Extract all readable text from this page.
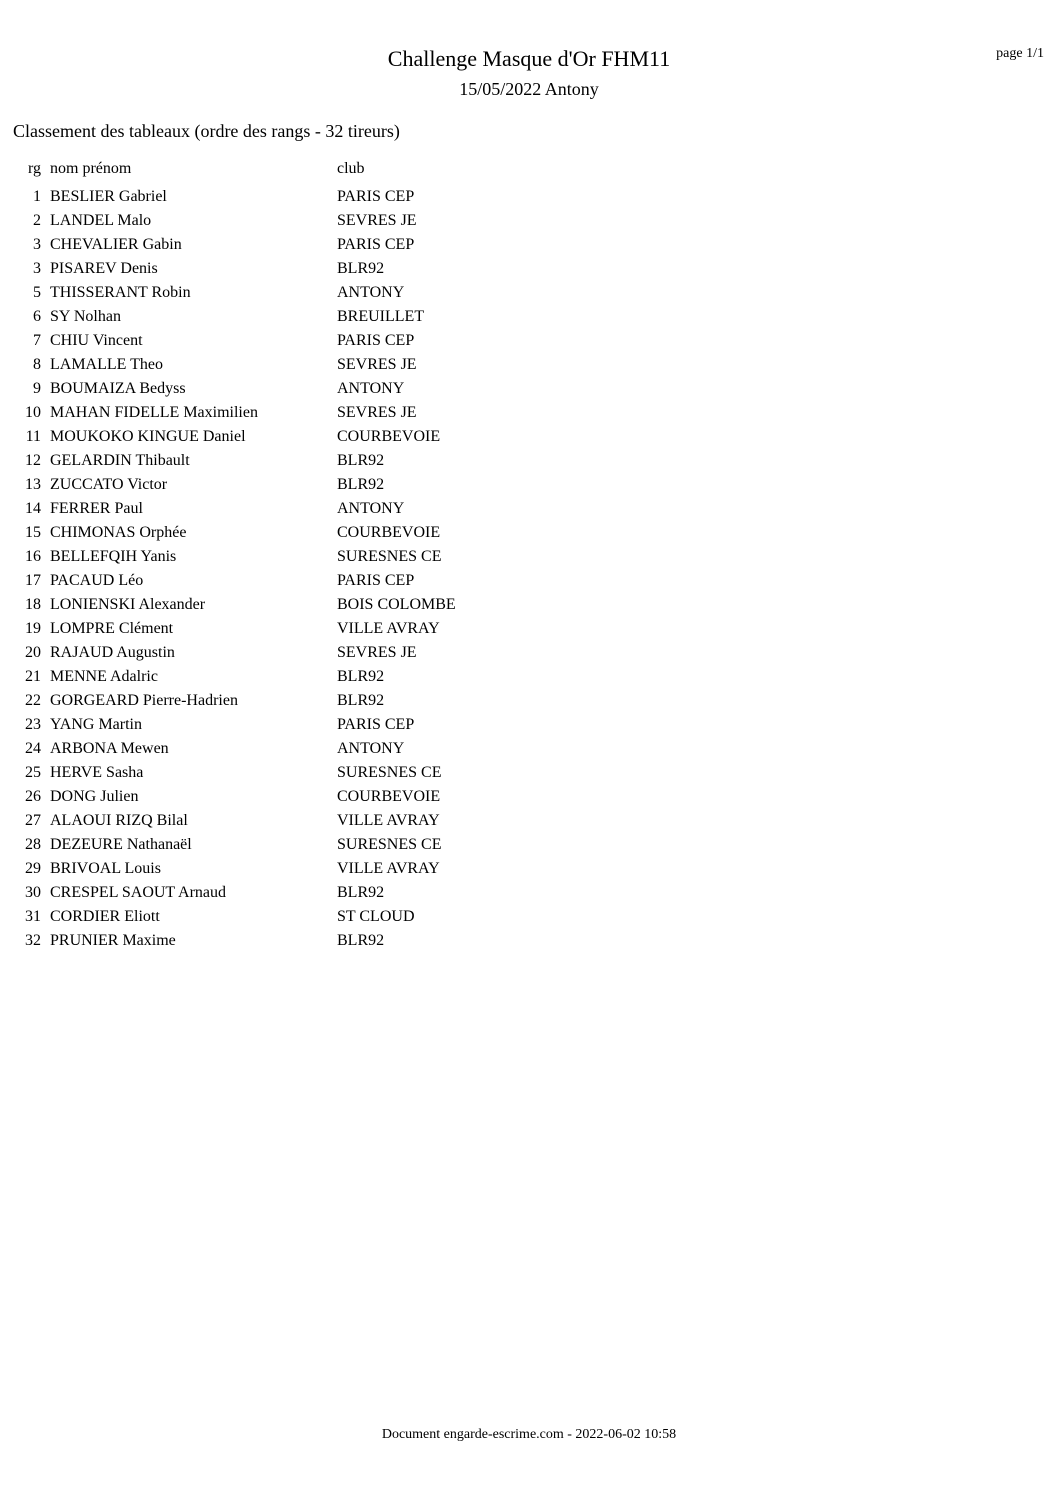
Challenge Masque d'Or FHM11
15/05/2022 Antony
page 1/1
Classement des tableaux (ordre des rangs - 32 tireurs)
rg nom prénom	club
1 BESLIER Gabriel	PARIS CEP
2 LANDEL Malo	SEVRES JE
3 CHEVALIER Gabin	PARIS CEP
3 PISAREV Denis	BLR92
5 THISSERANT Robin	ANTONY
6 SY Nolhan	BREUILLET
7 CHIU Vincent	PARIS CEP
8 LAMALLE Theo	SEVRES JE
9 BOUMAIZA Bedyss	ANTONY
10 MAHAN FIDELLE Maximilien	SEVRES JE
11 MOUKOKO KINGUE Daniel	COURBEVOIE
12 GELARDIN Thibault	BLR92
13 ZUCCATO Victor	BLR92
14 FERRER Paul	ANTONY
15 CHIMONAS Orphée	COURBEVOIE
16 BELLEFQIH Yanis	SURESNES CE
17 PACAUD Léo	PARIS CEP
18 LONIENSKI Alexander	BOIS COLOMBE
19 LOMPRE Clément	VILLE AVRAY
20 RAJAUD Augustin	SEVRES JE
21 MENNE Adalric	BLR92
22 GORGEARD Pierre-Hadrien	BLR92
23 YANG Martin	PARIS CEP
24 ARBONA Mewen	ANTONY
25 HERVE Sasha	SURESNES CE
26 DONG Julien	COURBEVOIE
27 ALAOUI RIZQ Bilal	VILLE AVRAY
28 DEZEURE Nathanaël	SURESNES CE
29 BRIVOAL Louis	VILLE AVRAY
30 CRESPEL SAOUT Arnaud	BLR92
31 CORDIER Eliott	ST CLOUD
32 PRUNIER Maxime	BLR92
Document engarde-escrime.com - 2022-06-02 10:58
